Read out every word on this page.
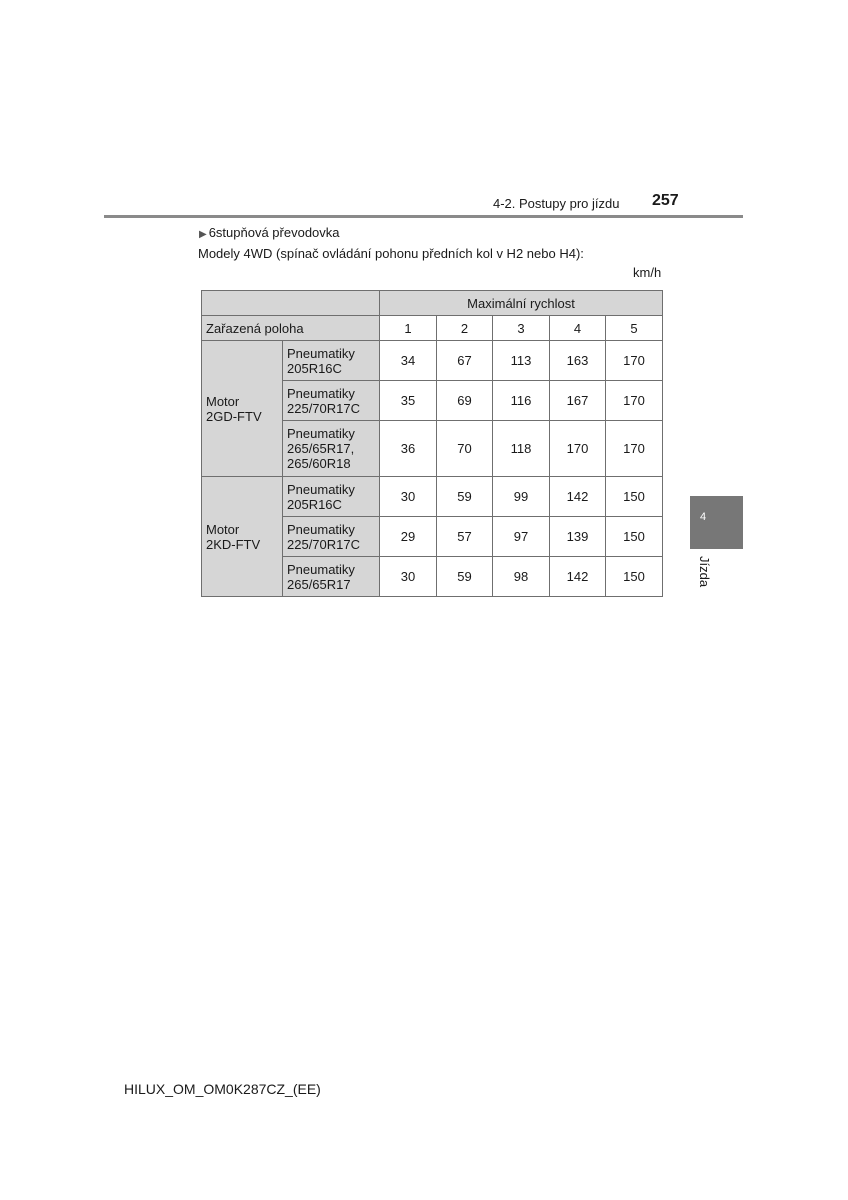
4-2. Postupy pro jízdu 257
▶ 6stupňová převodovka
Modely 4WD (spínač ovládání pohonu předních kol v H2 nebo H4):
km/h
		Maximální rychlost				
Zařazená poloha		1	2	3	4	5
Motor
2GD-FTV	Pneumatiky
205R16C	34	67	113	163	170
	Pneumatiky
225/70R17C	35	69	116	167	170
	Pneumatiky
265/65R17,
265/60R18	36	70	118	170	170
Motor
2KD-FTV	Pneumatiky
205R16C	30	59	99	142	150
	Pneumatiky
225/70R17C	29	57	97	139	150
	Pneumatiky
265/65R17	30	59	98	142	150
4
Jízda
HILUX_OM_OM0K287CZ_(EE)
